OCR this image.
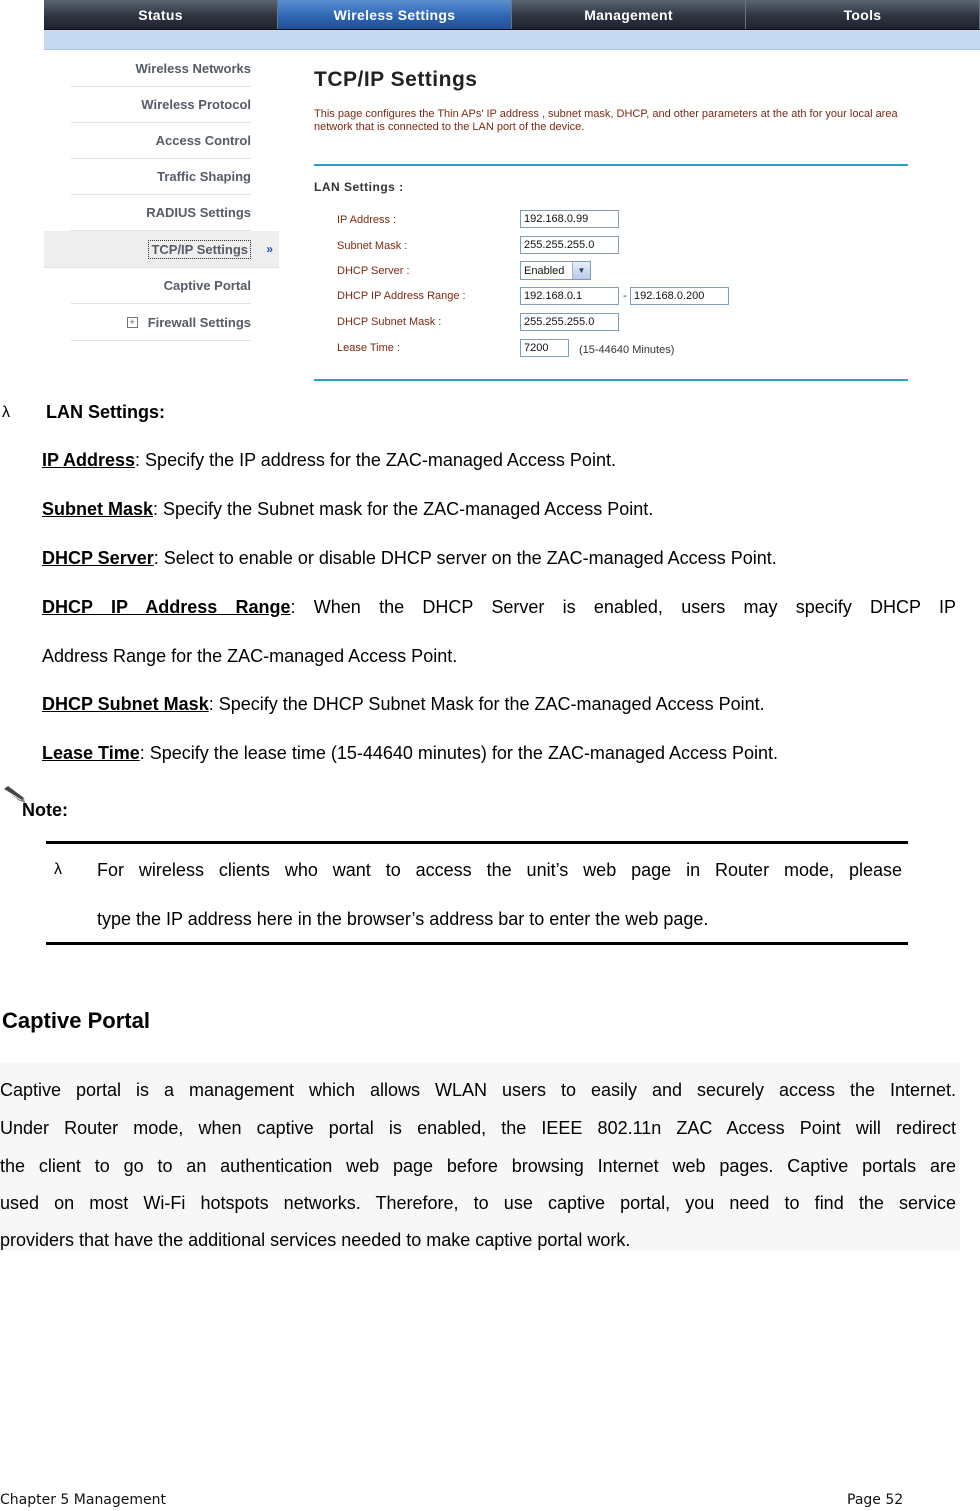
Status	Wireless Settings	Management	Tools
Wireless Networks
Wireless Protocol
Access Control
Traffic Shaping
RADIUS Settings
TCP/IP Settings »
Captive Portal
+ Firewall Settings
TCP/IP Settings
This page configures the Thin APs' IP address , subnet mask, DHCP, and other parameters at the ath for your local area network that is connected to the LAN port of the device.
LAN Settings :
IP Address :	192.168.0.99
Subnet Mask :	255.255.255.0
DHCP Server :	Enabled	▼
DHCP IP Address Range :	192.168.0.1	- 192.168.0.200
DHCP Subnet Mask :	255.255.255.0
Lease Time :	7200	(15-44640 Minutes)
λ LAN Settings:
IP Address: Specify the IP address for the ZAC-managed Access Point.
Subnet Mask: Specify the Subnet mask for the ZAC-managed Access Point.
DHCP Server: Select to enable or disable DHCP server on the ZAC-managed Access Point.
DHCP IP Address Range: When the DHCP Server is enabled, users may specify DHCP IP
Address Range for the ZAC-managed Access Point.
DHCP Subnet Mask: Specify the DHCP Subnet Mask for the ZAC-managed Access Point.
Lease Time: Specify the lease time (15-44640 minutes) for the ZAC-managed Access Point.
Note:
λ For wireless clients who want to access the unit’s web page in Router mode, please
type the IP address here in the browser’s address bar to enter the web page.
Captive Portal
Captive portal is a management which allows WLAN users to easily and securely access the Internet.
Under Router mode, when captive portal is enabled, the IEEE 802.11n ZAC Access Point will redirect
the client to go to an authentication web page before browsing Internet web pages. Captive portals are
used on most Wi-Fi hotspots networks. Therefore, to use captive portal, you need to find the service
providers that have the additional services needed to make captive portal work.
Chapter 5 Management	Page 52
